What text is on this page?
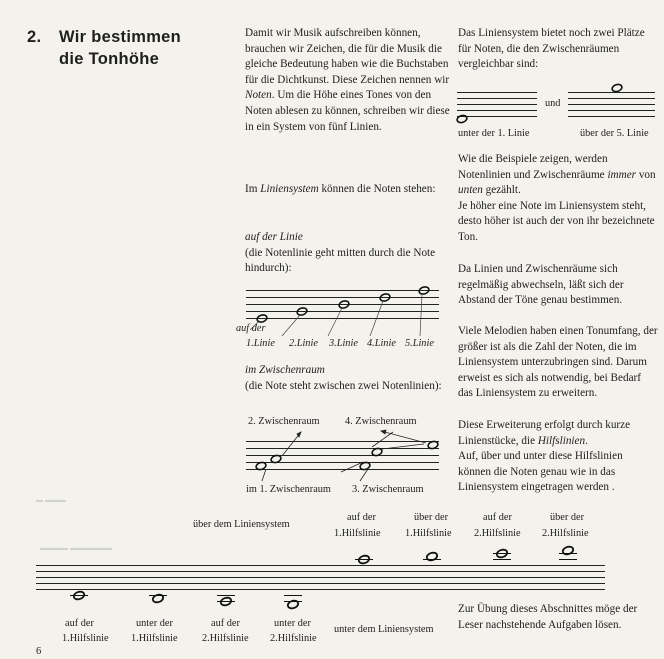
2. Wir bestimmen
die Tonhöhe
▬ ▬▬▬
▬▬▬▬ ▬▬▬▬▬▬

Damit wir Musik aufschreiben können, brauchen wir Zeichen, die für die Musik die gleiche Bedeutung haben wie die Buchstaben für die Dichtkunst. Diese Zeichen nennen wir Noten. Um die Höhe eines Tones von den Noten ablesen zu können, schreiben wir diese in ein System von fünf Linien.

Im Liniensystem können die Noten stehen:

auf der Linie
(die Notenlinie geht mitten durch die Note hindurch):

auf der
1.Linie 2.Linie 3.Linie 4.Linie 5.Linie

im Zwischenraum
(die Note steht zwischen zwei Notenlinien):

2. Zwischenraum 4. Zwischenraum
im 1. Zwischenraum 3. Zwischenraum

Das Liniensystem bietet noch zwei Plätze für Noten, die den Zwischenräumen vergleichbar sind:

und
unter der 1. Linie	über der 5. Linie

Wie die Beispiele zeigen, werden Notenlinien und Zwischenräume immer von unten gezählt.
Je höher eine Note im Liniensystem steht, desto höher ist auch der von ihr bezeichnete Ton.

Da Linien und Zwischenräume sich regelmäßig abwechseln, läßt sich der Abstand der Töne genau bestimmen.

Viele Melodien haben einen Tonumfang, der größer ist als die Zahl der Noten, die im Liniensystem unterzubringen sind. Darum erweist es sich als notwendig, bei Bedarf das Liniensystem zu erweitern.

Diese Erweiterung erfolgt durch kurze Linienstücke, die Hilfslinien.
Auf, über und unter diese Hilfslinien können die Noten genau wie in das Liniensystem eingetragen werden .

über dem Liniensystem
auf der
1.Hilfslinie
über der
1.Hilfslinie
auf der
2.Hilfslinie
über der
2.Hilfslinie
auf der
1.Hilfslinie
unter der
1.Hilfslinie
auf der
2.Hilfslinie
unter der
2.Hilfslinie
unter dem Liniensystem

Zur Übung dieses Abschnittes möge der Leser nachstehende Aufgaben lösen.

6
